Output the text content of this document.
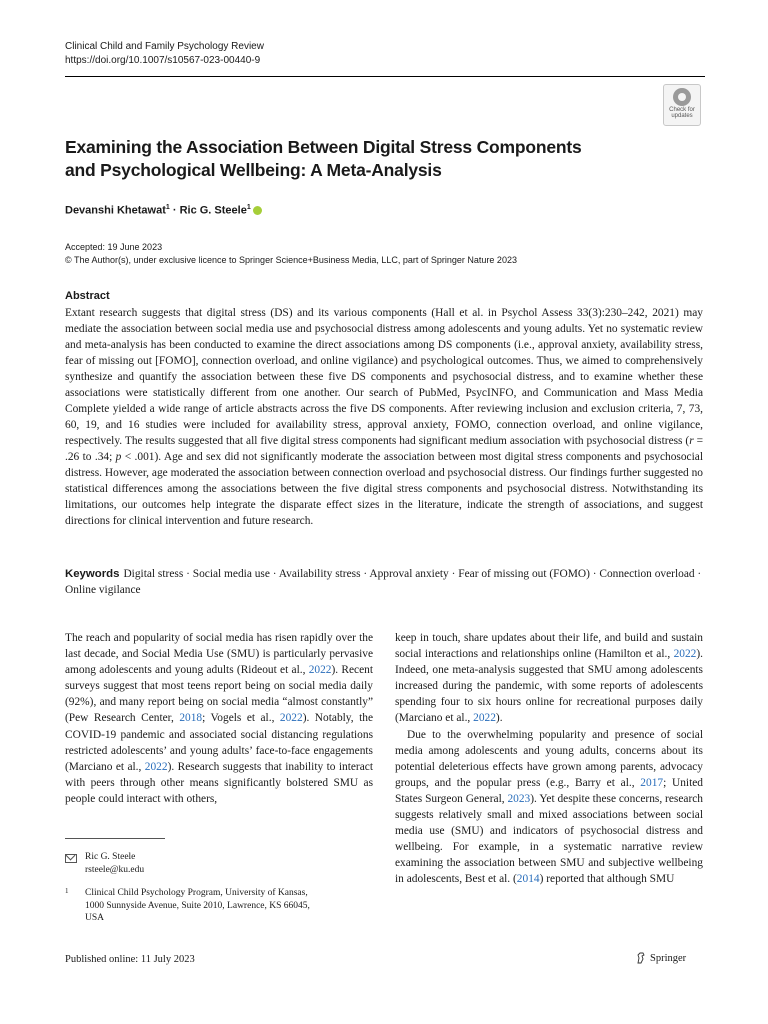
Clinical Child and Family Psychology Review
https://doi.org/10.1007/s10567-023-00440-9
Check for
updates
Examining the Association Between Digital Stress Components
and Psychological Wellbeing: A Meta-Analysis
Devanshi Khetawat$^1$ · Ric G. Steele$^1$
Accepted: 19 June 2023
© The Author(s), under exclusive licence to Springer Science+Business Media, LLC, part of Springer Nature 2023
Abstract
Extant research suggests that digital stress (DS) and its various components (Hall et al. in Psychol Assess 33(3):230–242, 2021) may mediate the association between social media use and psychosocial distress among adolescents and young adults. Yet no systematic review and meta-analysis has been conducted to examine the direct associations among DS components (i.e., approval anxiety, availability stress, fear of missing out [FOMO], connection overload, and online vigilance) and psychological outcomes. Thus, we aimed to comprehensively synthesize and quantify the association between these five DS components and psychosocial distress, and to examine whether these associations were statistically different from one another. Our search of PubMed, PsycINFO, and Communication and Mass Media Complete yielded a wide range of article abstracts across the five DS components. After reviewing inclusion and exclusion criteria, 7, 73, 60, 19, and 16 studies were included for availability stress, approval anxiety, FOMO, connection overload, and online vigilance, respectively. The results suggested that all five digital stress components had significant medium association with psychosocial distress (r = .26 to .34; p < .001). Age and sex did not significantly moderate the association between most digital stress components and psychosocial distress. However, age moderated the association between connection overload and psychosocial distress. Our findings further suggested no statistical differences among the associations between the five digital stress components and psychosocial distress. Notwithstanding its limitations, our outcomes help integrate the disparate effect sizes in the literature, indicate the strength of associations, and suggest directions for clinical intervention and future research.
Keywords Digital stress · Social media use · Availability stress · Approval anxiety · Fear of missing out (FOMO) · Connection overload · Online vigilance

The reach and popularity of social media has risen rapidly over the last decade, and Social Media Use (SMU) is particularly pervasive among adolescents and young adults (Rideout et al., 2022). Recent surveys suggest that most teens report being on social media daily (92%), and many report being on social media “almost constantly” (Pew Research Center, 2018; Vogels et al., 2022). Notably, the COVID-19 pandemic and associated social distancing regulations restricted adolescents’ and young adults’ face-to-face engagements (Marciano et al., 2022). Research suggests that inability to interact with peers through other means significantly bolstered SMU as people could interact with others,

keep in touch, share updates about their life, and build and sustain social interactions and relationships online (Hamilton et al., 2022). Indeed, one meta-analysis suggested that SMU among adolescents increased during the pandemic, with some reports of adolescents spending four to six hours online for recreational purposes daily (Marciano et al., 2022).

Due to the overwhelming popularity and presence of social media among adolescents and young adults, concerns about its potential deleterious effects have grown among parents, advocacy groups, and the popular press (e.g., Barry et al., 2017; United States Surgeon General, 2023). Yet despite these concerns, research suggests relatively small and mixed associations between social media use (SMU) and indicators of psychosocial distress and wellbeing. For example, in a systematic narrative review examining the association between SMU and subjective wellbeing in adolescents, Best et al. (2014) reported that although SMU

Ric G. Steele
rsteele@ku.edu
1	Clinical Child Psychology Program, University of Kansas,
1000 Sunnyside Avenue, Suite 2010, Lawrence, KS 66045,
USA
Published online: 11 July 2023	Springer
